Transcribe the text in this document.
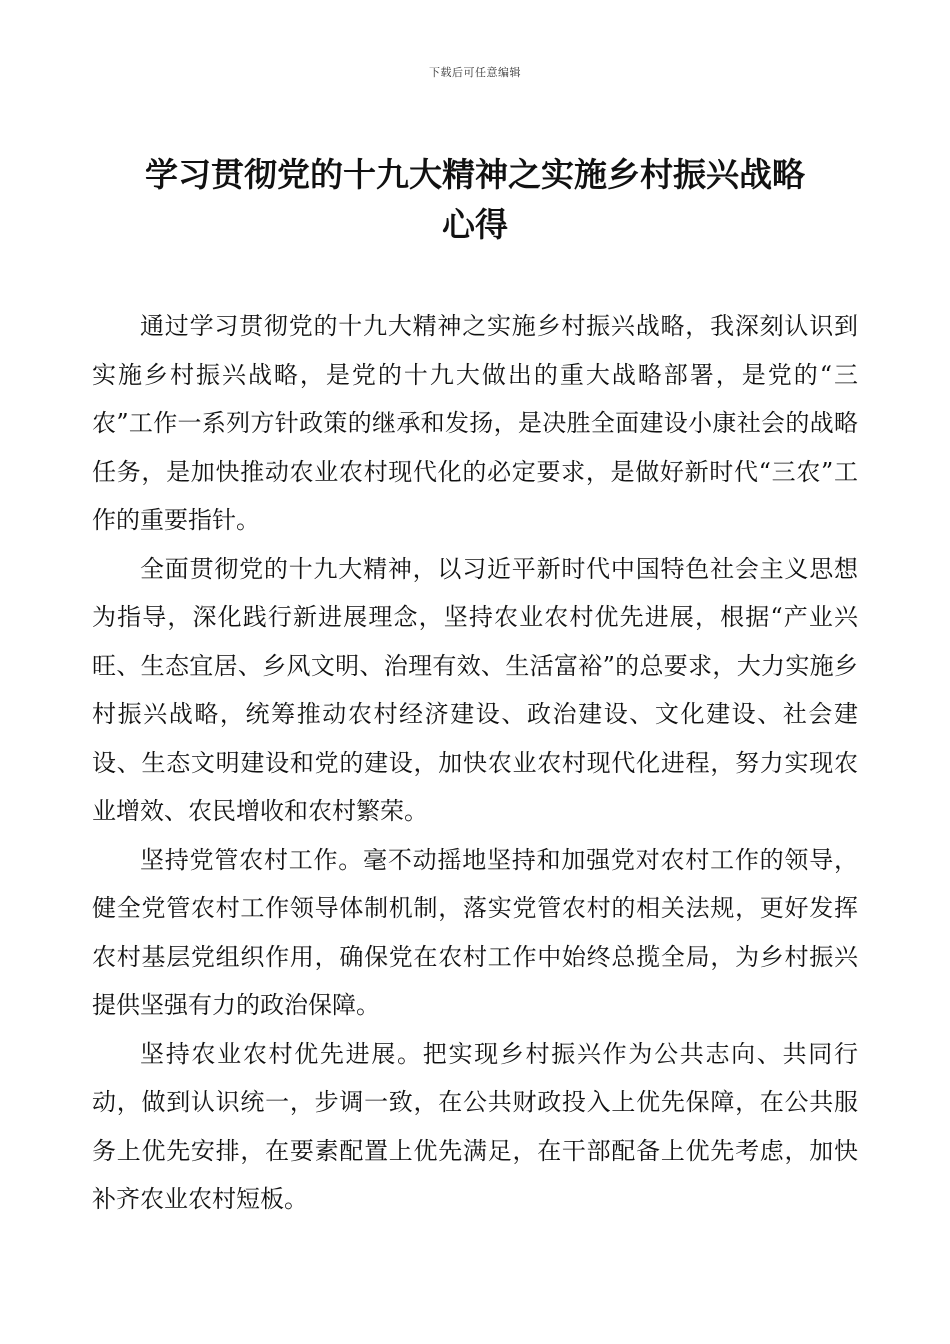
下载后可任意编辑
学习贯彻党的十九大精神之实施乡村振兴战略
心得

通过学习贯彻党的十九大精神之实施乡村振兴战略，我深刻认识到实施乡村振兴战略，是党的十九大做出的重大战略部署，是党的“三农”工作一系列方针政策的继承和发扬，是决胜全面建设小康社会的战略任务，是加快推动农业农村现代化的必定要求，是做好新时代“三农”工作的重要指针。

全面贯彻党的十九大精神，以习近平新时代中国特色社会主义思想为指导，深化践行新进展理念，坚持农业农村优先进展，根据“产业兴旺、生态宜居、乡风文明、治理有效、生活富裕”的总要求，大力实施乡村振兴战略，统筹推动农村经济建设、政治建设、文化建设、社会建设、生态文明建设和党的建设，加快农业农村现代化进程，努力实现农业增效、农民增收和农村繁荣。

坚持党管农村工作。毫不动摇地坚持和加强党对农村工作的领导，健全党管农村工作领导体制机制，落实党管农村的相关法规，更好发挥农村基层党组织作用，确保党在农村工作中始终总揽全局，为乡村振兴提供坚强有力的政治保障。

坚持农业农村优先进展。把实现乡村振兴作为公共志向、共同行动，做到认识统一，步调一致，在公共财政投入上优先保障，在公共服务上优先安排，在要素配置上优先满足，在干部配备上优先考虑，加快补齐农业农村短板。
